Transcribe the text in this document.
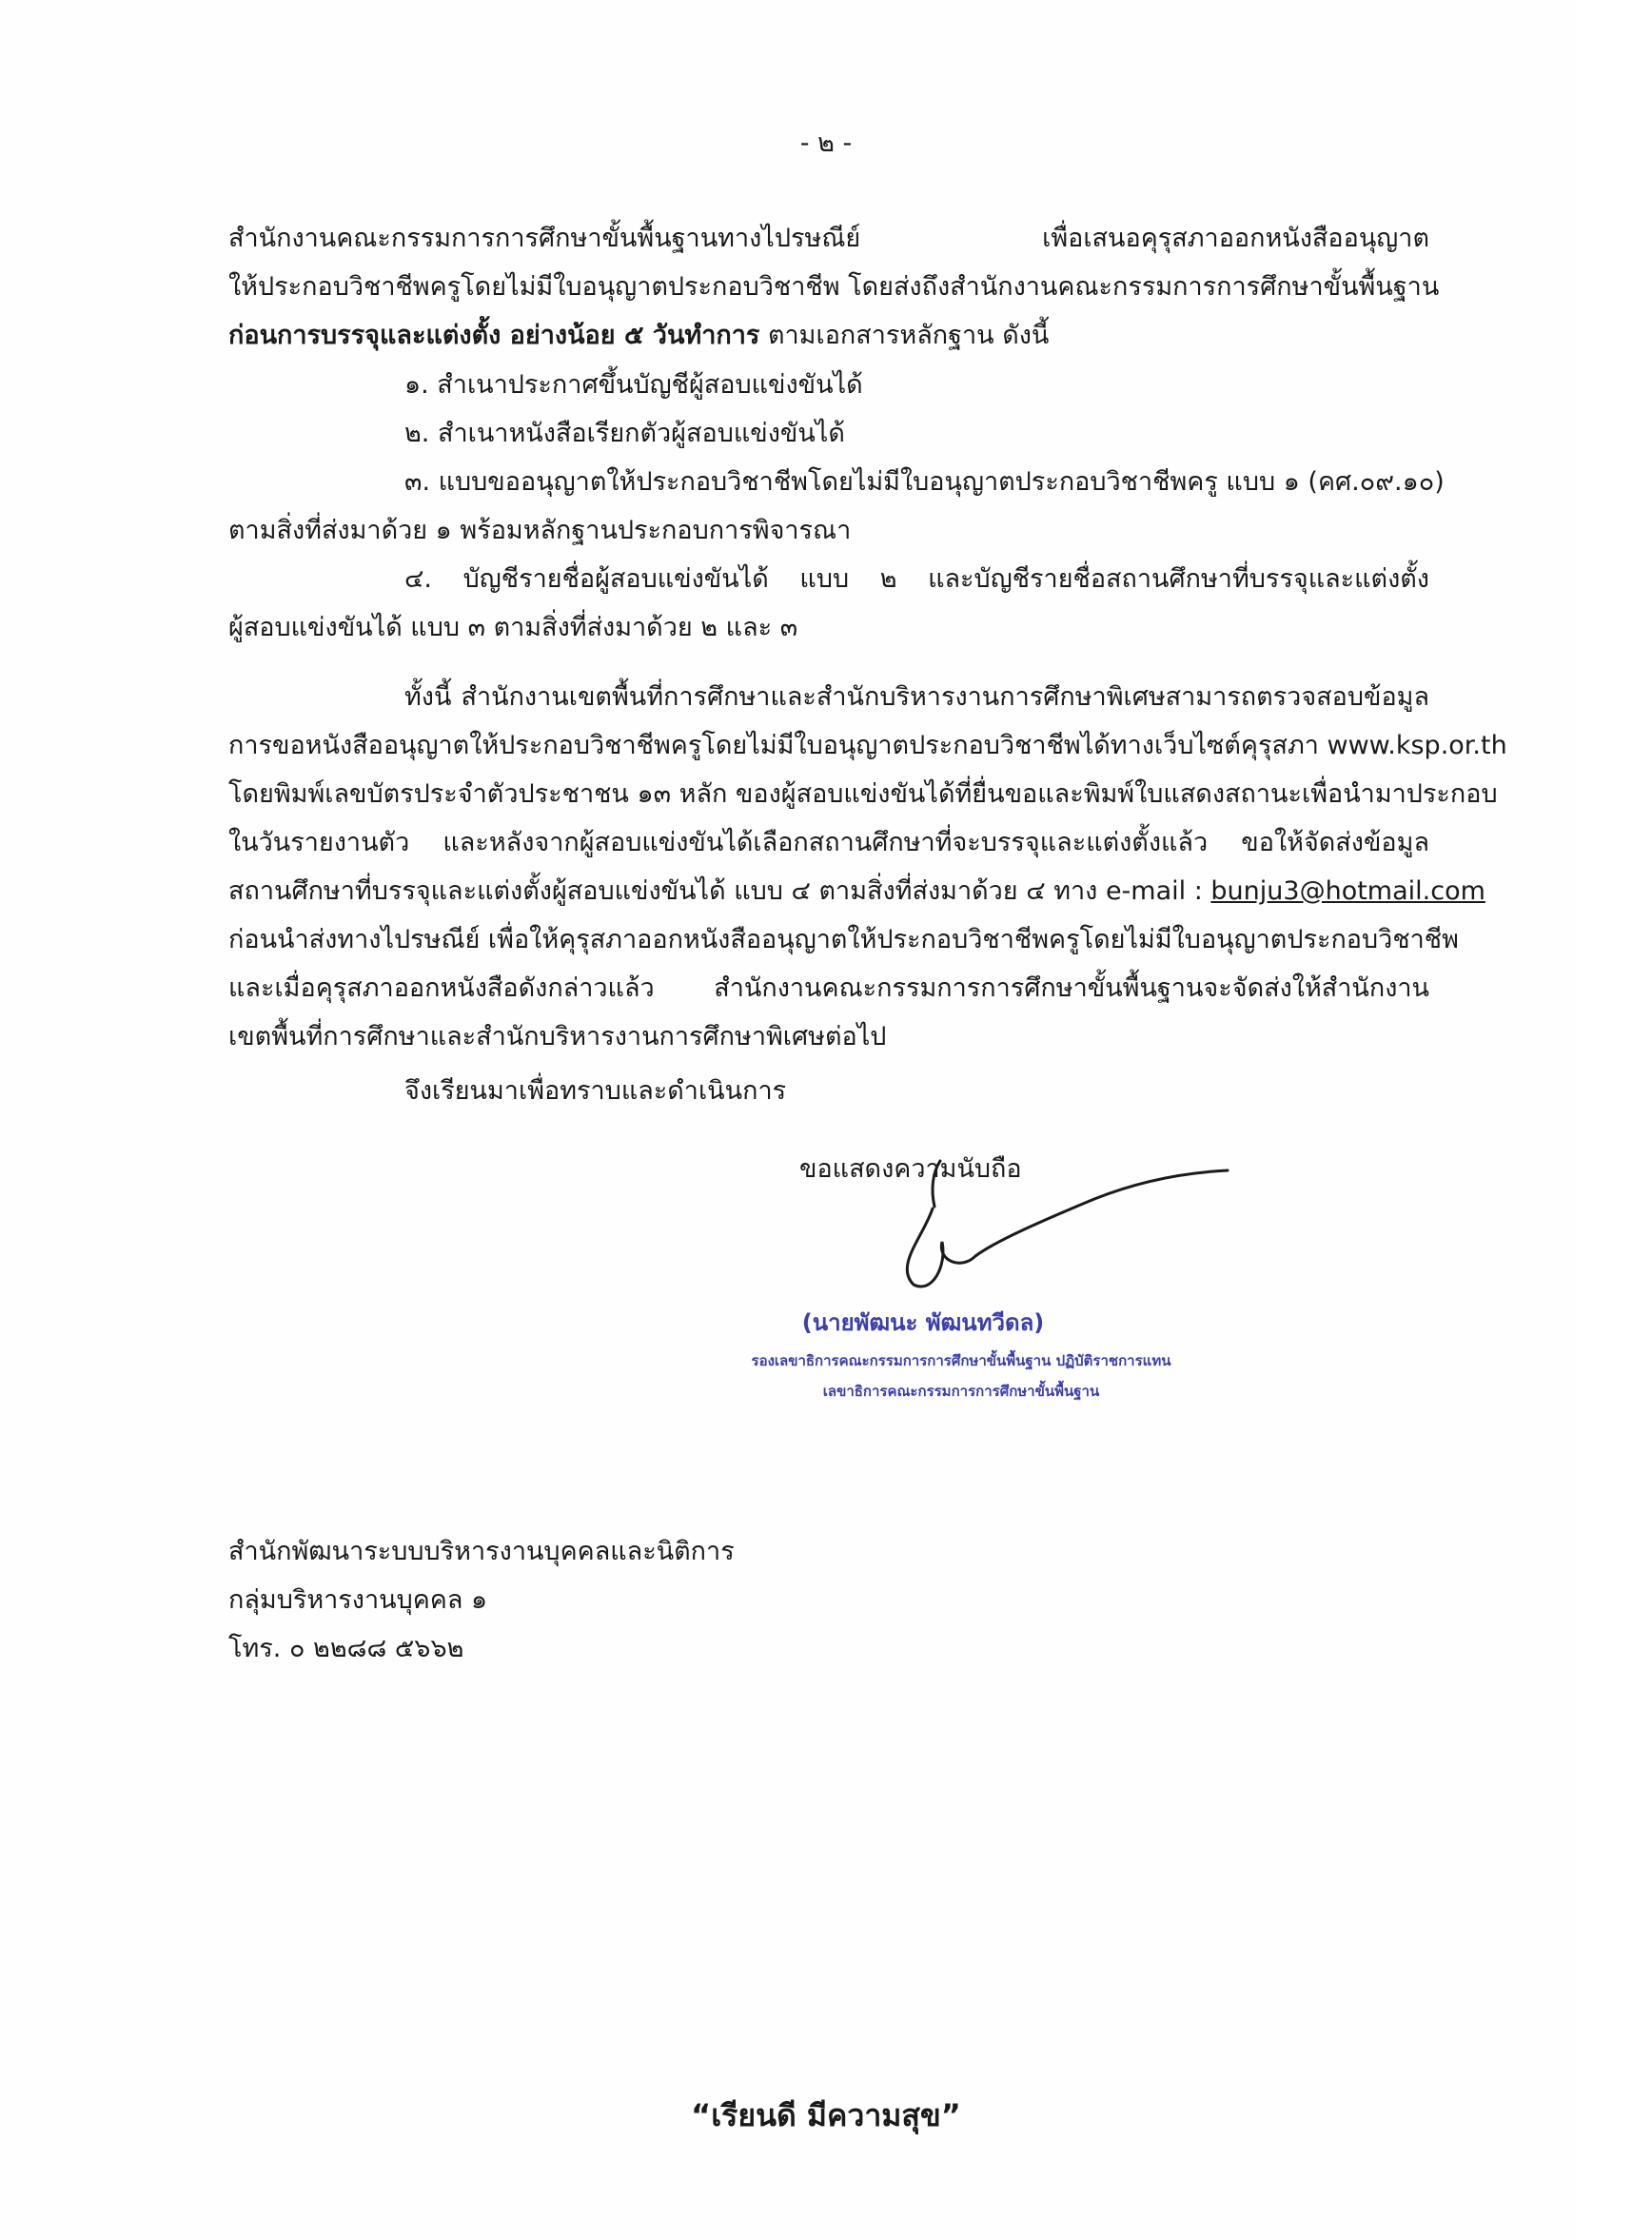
- ๒ -
สำนักงานคณะกรรมการการศึกษาขั้นพื้นฐานทางไปรษณีย์ เพื่อเสนอคุรุสภาออกหนังสืออนุญาต
ให้ประกอบวิชาชีพครูโดยไม่มีใบอนุญาตประกอบวิชาชีพ โดยส่งถึงสำนักงานคณะกรรมการการศึกษาขั้นพื้นฐาน
ก่อนการบรรจุและแต่งตั้ง อย่างน้อย ๕ วันทำการ ตามเอกสารหลักฐาน ดังนี้
๑. สำเนาประกาศขึ้นบัญชีผู้สอบแข่งขันได้
๒. สำเนาหนังสือเรียกตัวผู้สอบแข่งขันได้
๓. แบบขออนุญาตให้ประกอบวิชาชีพโดยไม่มีใบอนุญาตประกอบวิชาชีพครู แบบ ๑ (คศ.๐๙.๑๐)
ตามสิ่งที่ส่งมาด้วย ๑ พร้อมหลักฐานประกอบการพิจารณา
๔. บัญชีรายชื่อผู้สอบแข่งขันได้ แบบ ๒ และบัญชีรายชื่อสถานศึกษาที่บรรจุและแต่งตั้ง
ผู้สอบแข่งขันได้ แบบ ๓ ตามสิ่งที่ส่งมาด้วย ๒ และ ๓
ทั้งนี้ สำนักงานเขตพื้นที่การศึกษาและสำนักบริหารงานการศึกษาพิเศษสามารถตรวจสอบข้อมูล
การขอหนังสืออนุญาตให้ประกอบวิชาชีพครูโดยไม่มีใบอนุญาตประกอบวิชาชีพได้ทางเว็บไซต์คุรุสภา www.ksp.or.th
โดยพิมพ์เลขบัตรประจำตัวประชาชน ๑๓ หลัก ของผู้สอบแข่งขันได้ที่ยื่นขอและพิมพ์ใบแสดงสถานะเพื่อนำมาประกอบ
ในวันรายงานตัว และหลังจากผู้สอบแข่งขันได้เลือกสถานศึกษาที่จะบรรจุและแต่งตั้งแล้ว ขอให้จัดส่งข้อมูล
สถานศึกษาที่บรรจุและแต่งตั้งผู้สอบแข่งขันได้ แบบ ๔ ตามสิ่งที่ส่งมาด้วย ๔ ทาง e-mail : bunju3@hotmail.com
ก่อนนำส่งทางไปรษณีย์ เพื่อให้คุรุสภาออกหนังสืออนุญาตให้ประกอบวิชาชีพครูโดยไม่มีใบอนุญาตประกอบวิชาชีพ
และเมื่อคุรุสภาออกหนังสือดังกล่าวแล้ว สำนักงานคณะกรรมการการศึกษาขั้นพื้นฐานจะจัดส่งให้สำนักงาน
เขตพื้นที่การศึกษาและสำนักบริหารงานการศึกษาพิเศษต่อไป
จึงเรียนมาเพื่อทราบและดำเนินการ
ขอแสดงความนับถือ
(นายพัฒนะ พัฒนทวีดล)
รองเลขาธิการคณะกรรมการการศึกษาขั้นพื้นฐาน ปฏิบัติราชการแทน
เลขาธิการคณะกรรมการการศึกษาขั้นพื้นฐาน
สำนักพัฒนาระบบบริหารงานบุคคลและนิติการ
กลุ่มบริหารงานบุคคล ๑
โทร. ๐ ๒๒๘๘ ๕๖๖๒
“เรียนดี มีความสุข”
